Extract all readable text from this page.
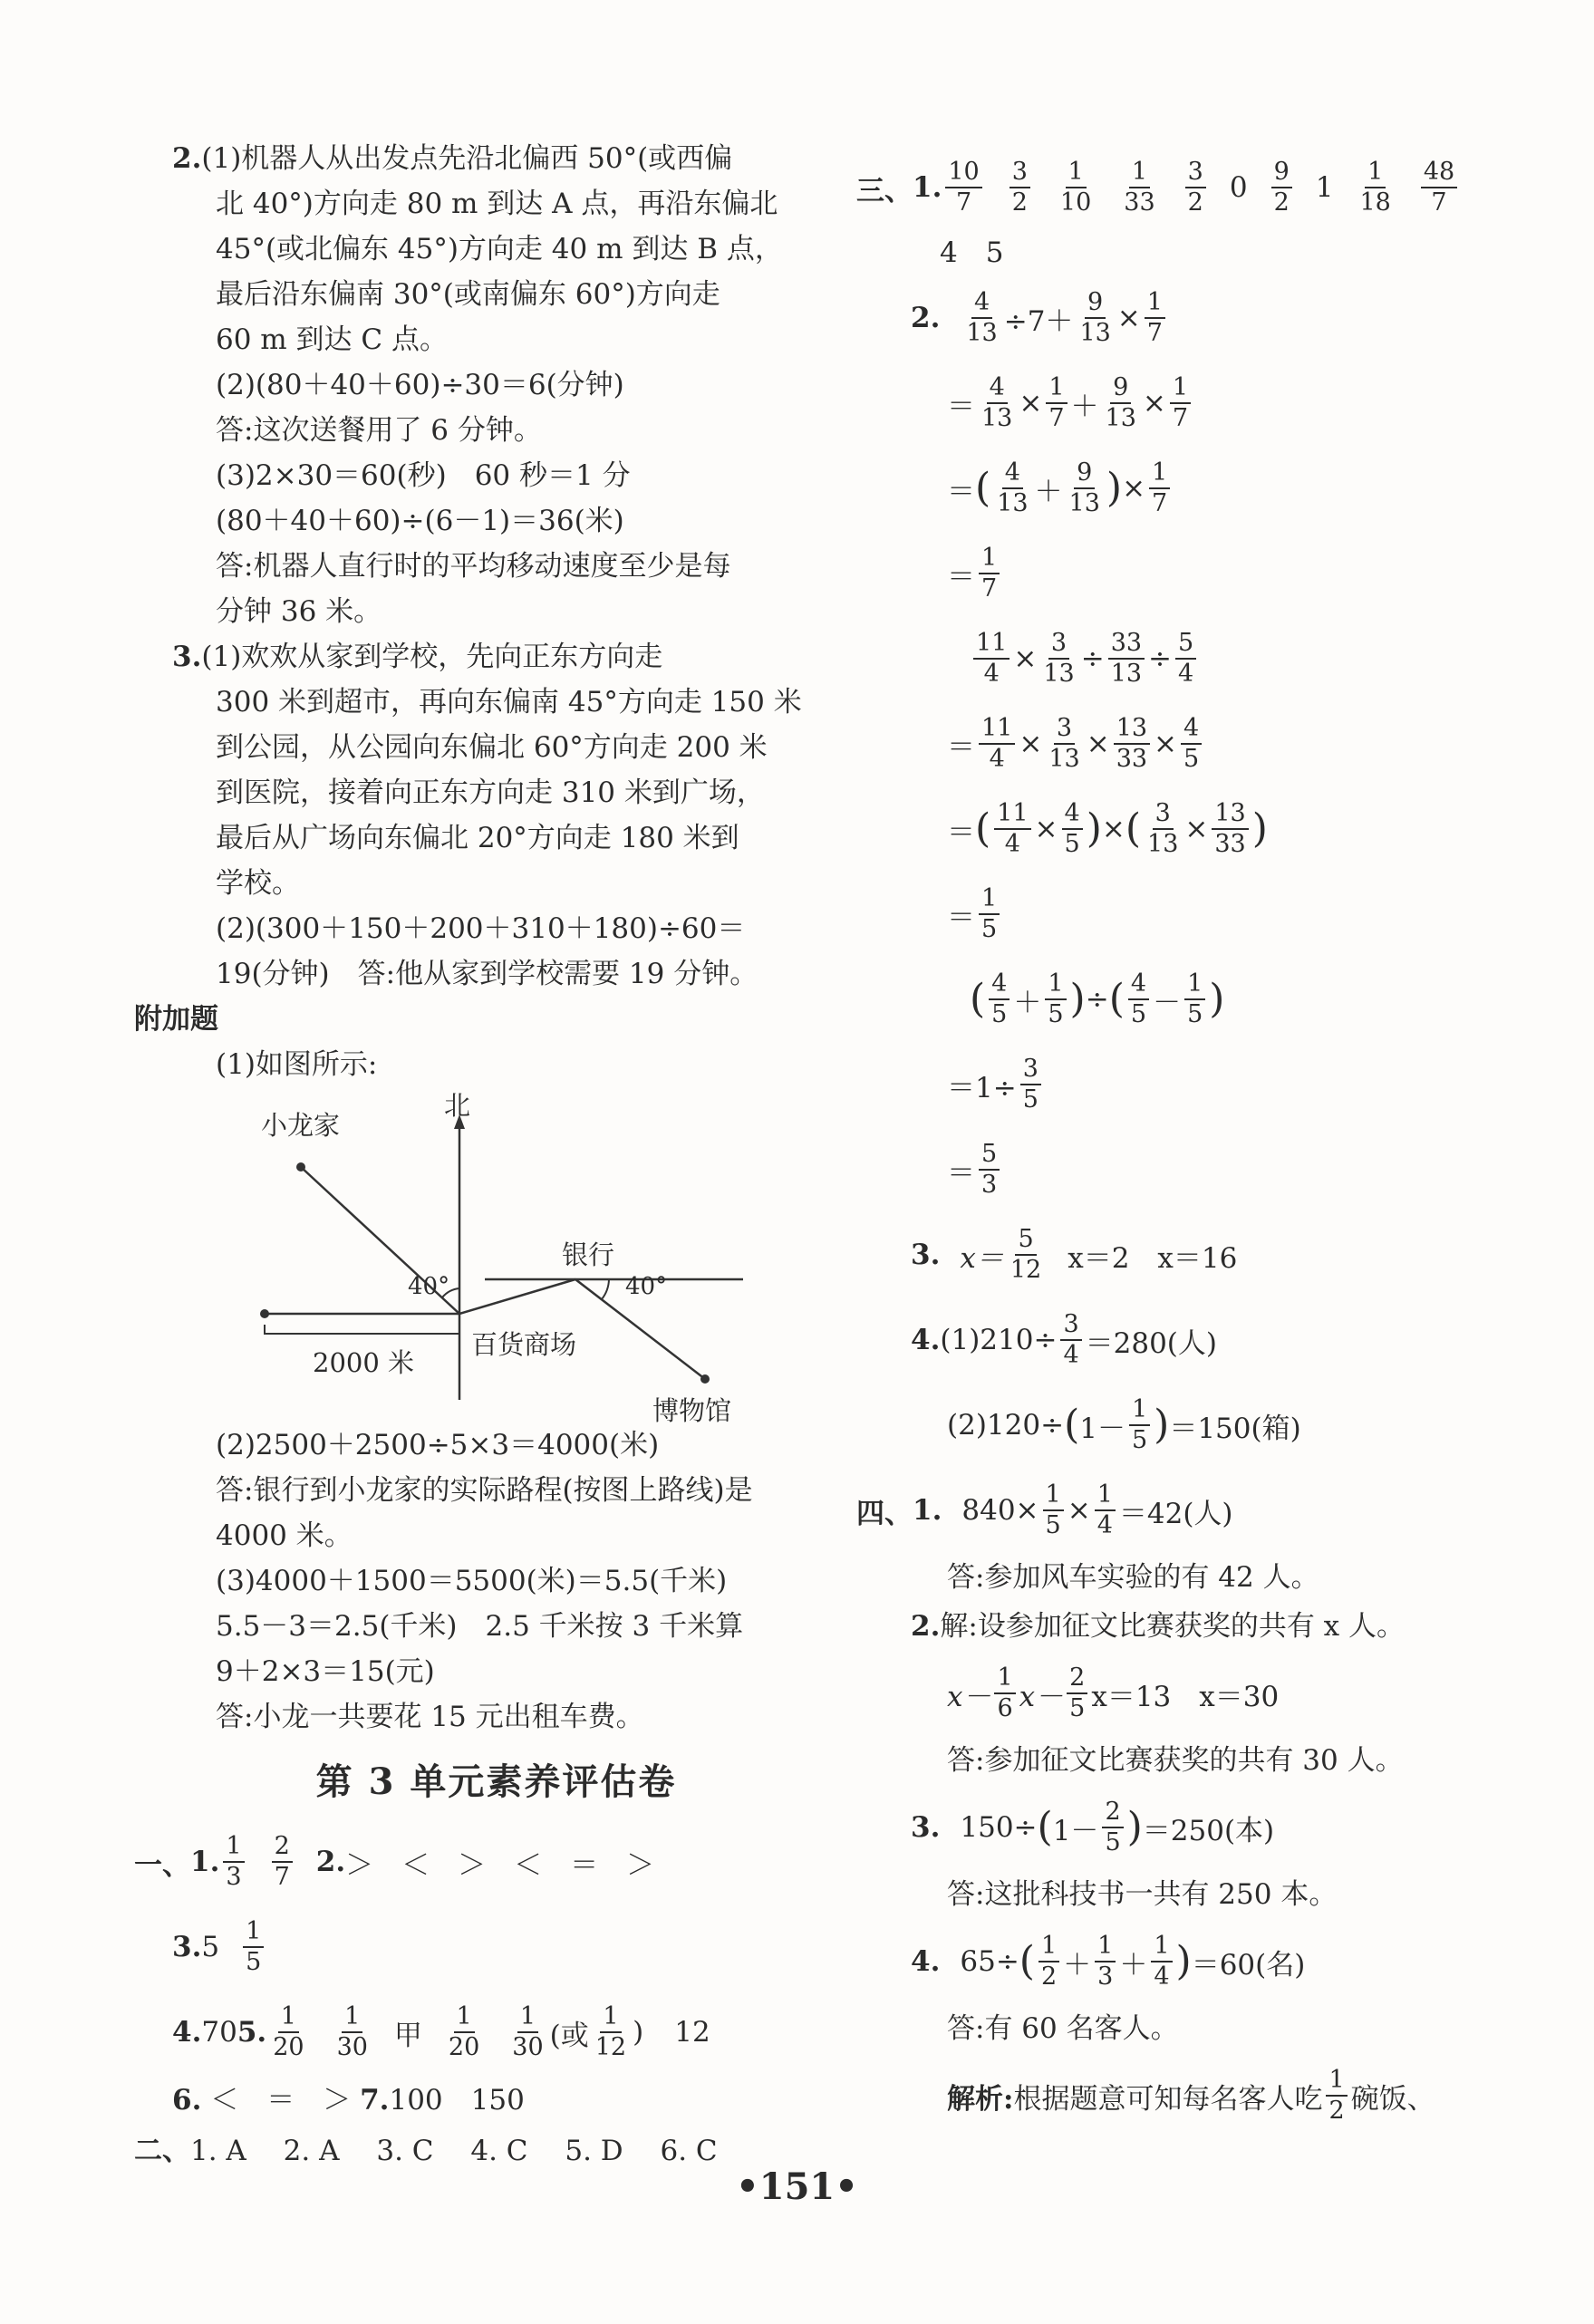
2.(1)机器人从出发点先沿北偏西 50°(或西偏
北 40°)方向走 80 m 到达 A 点，再沿东偏北
45°(或北偏东 45°)方向走 40 m 到达 B 点，
最后沿东偏南 30°(或南偏东 60°)方向走
60 m 到达 C 点。
(2)(80＋40＋60)÷30＝6(分钟)
答:这次送餐用了 6 分钟。
(3)2×30＝60(秒)　60 秒＝1 分
(80＋40＋60)÷(6－1)＝36(米)
答:机器人直行时的平均移动速度至少是每
分钟 36 米。
3.(1)欢欢从家到学校，先向正东方向走
300 米到超市，再向东偏南 45°方向走 150 米
到公园，从公园向东偏北 60°方向走 200 米
到医院，接着向正东方向走 310 米到广场，
最后从广场向东偏北 20°方向走 180 米到
学校。
(2)(300＋150＋200＋310＋180)÷60＝
19(分钟)　答:他从家到学校需要 19 分钟。
附加题
(1)如图所示:
小龙家
北
40°
银行
40°
2000 米
百货商场
博物馆
(2)2500＋2500÷5×3＝4000(米)
答:银行到小龙家的实际路程(按图上路线)是
4000 米。
(3)4000＋1500＝5500(米)＝5.5(千米)
5.5－3＝2.5(千米)　2.5 千米按 3 千米算
9＋2×3＝15(元)
答:小龙一共要花 15 元出租车费。
第 3 单元素养评估卷
一、 1. $\frac{1}{3} \frac{2}{7} 2$. ＞　＜　＞　＜　＝　＞
3. $5 \frac{1}{5}$
4. 70 5. $\frac{1}{20} \frac{1}{30}$ 甲 $\frac{1}{20} \frac{1}{30}$ (或 $\frac{1}{12}$ ) 12
6. ＜　＝　＞ 7.100　150
二、1. A　 2. A　 3. C　 4. C　 5. D　 6. C
三、 1. $\frac{10}{7} \frac{3}{2} \frac{1}{10} \frac{1}{33} \frac{3}{2} 0 \frac{9}{2} 1 \frac{1}{18} \frac{48}{7}$
4　5
2. $\frac{4}{13} \div 7+ \frac{9}{13} \times \frac{1}{7}$
＝ $\frac{4}{13} \times \frac{1}{7} + \frac{9}{13} \times \frac{1}{7}$
＝ ( $\frac{4}{13} + \frac{9}{13}$ ) × $\frac{1}{7}$
＝ $\frac{1}{7}$
$\frac{11}{4} \times \frac{3}{13} \div \frac{33}{13} \div \frac{5}{4}$
＝ $\frac{11}{4} \times \frac{3}{13} \times \frac{13}{33} \times \frac{4}{5}$
＝ ( $\frac{11}{4} \times \frac{4}{5}$ ) × ( $\frac{3}{13} \times \frac{13}{33}$ )
＝ $\frac{1}{5}$
( $\frac{4}{5} + \frac{1}{5}$ ) ÷ ( $\frac{4}{5} - \frac{1}{5}$ )
$=1\div \frac{3}{5}$
＝ $\frac{5}{3}$
3. $x= \frac{5}{12} x=2$　x＝16
4. $(1)210\div \frac{3}{4} =280$(人)
(2)120÷ ( $1- \frac{1}{5}$ ) ＝150(箱)
四、 1. $840\times \frac{1}{5} \times \frac{1}{4} =42$(人)
答:参加风车实验的有 42 人。
2.解:设参加征文比赛获奖的共有 x 人。
$x- \frac{1}{6} x- \frac{2}{5} x=13$　x＝30
答:参加征文比赛获奖的共有 30 人。
3. 150÷ ( $1- \frac{2}{5}$ ) ＝250(本)
答:这批科技书一共有 250 本。
4. 65÷ ( $\frac{1}{2} + \frac{1}{3} + \frac{1}{4}$ ) ＝60(名)
答:有 60 名客人。
解析: 根据题意可知每名客人吃 $\frac{1}{2}$ 碗饭、
•151•
